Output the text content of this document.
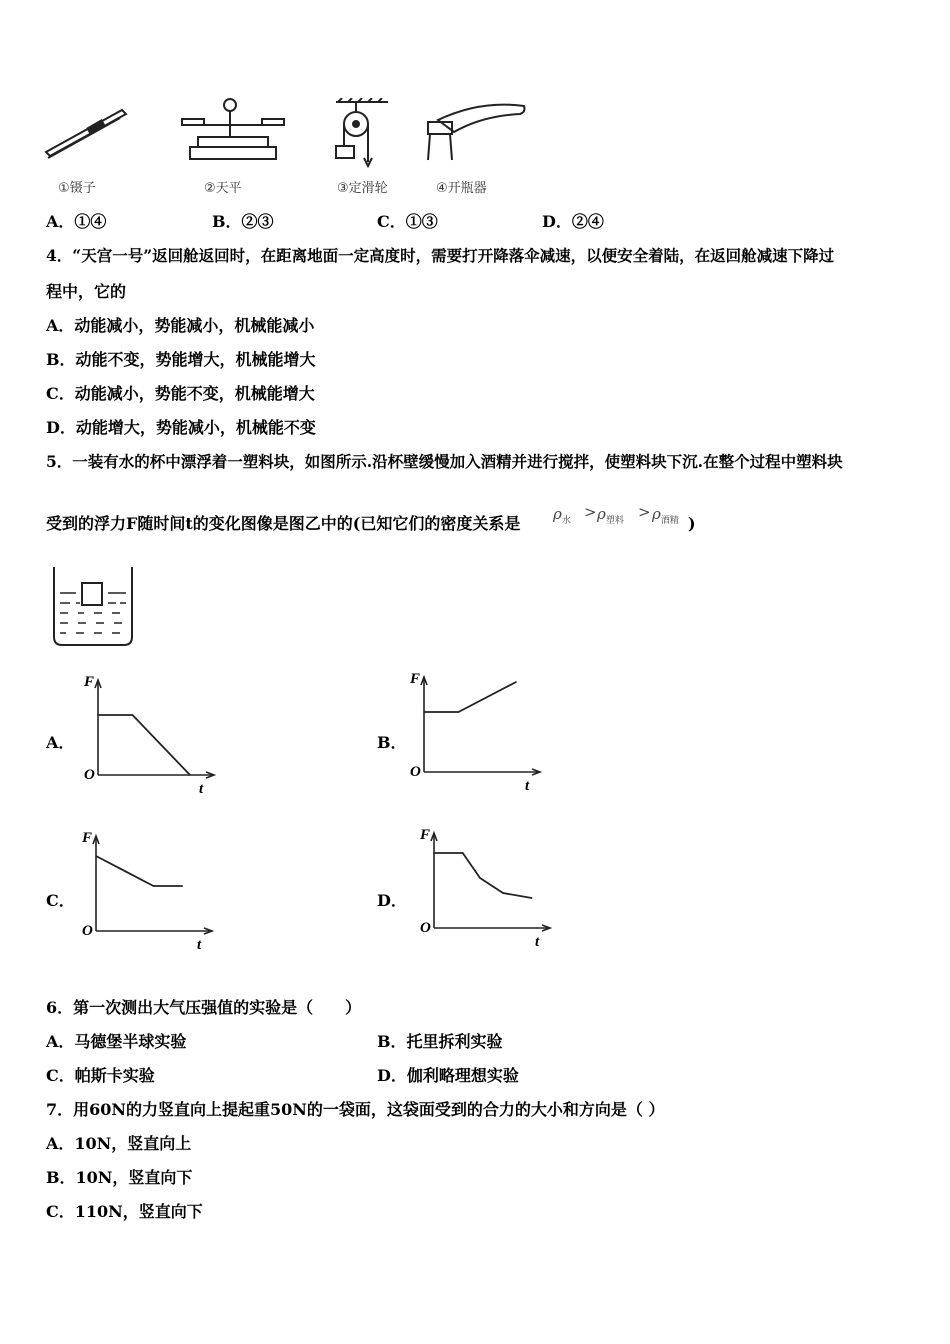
①镊子	②天平	③定滑轮	④开瓶器
A．①④	B．②③	C．①③	D．②④
4．“天宫一号”返回舱返回时，在距离地面一定高度时，需要打开降落伞减速，以便安全着陆，在返回舱减速下降过
程中，它的
A．动能减小，势能减小，机械能减小
B．动能不变，势能增大，机械能增大
C．动能减小，势能不变，机械能增大
D．动能增大，势能减小，机械能不变
5．一装有水的杯中漂浮着一塑料块，如图所示.沿杯壁缓慢加入酒精并进行搅拌，使塑料块下沉.在整个过程中塑料块
受到的浮力F随时间t的变化图像是图乙中的(已知它们的密度关系是 $\rho_水 > \rho_{塑料} > \rho_{酒精}$ )
A．	B．
C．	D．
F
O
t
F
O
t
F
O
t
F
O
t
6．第一次测出大气压强值的实验是（　　）
A．马德堡半球实验	B．托里拆利实验
C．帕斯卡实验	D．伽利略理想实验
7．用60N的力竖直向上提起重50N的一袋面，这袋面受到的合力的大小和方向是（ ）
A．10N，竖直向上
B．10N，竖直向下
C．110N，竖直向下
